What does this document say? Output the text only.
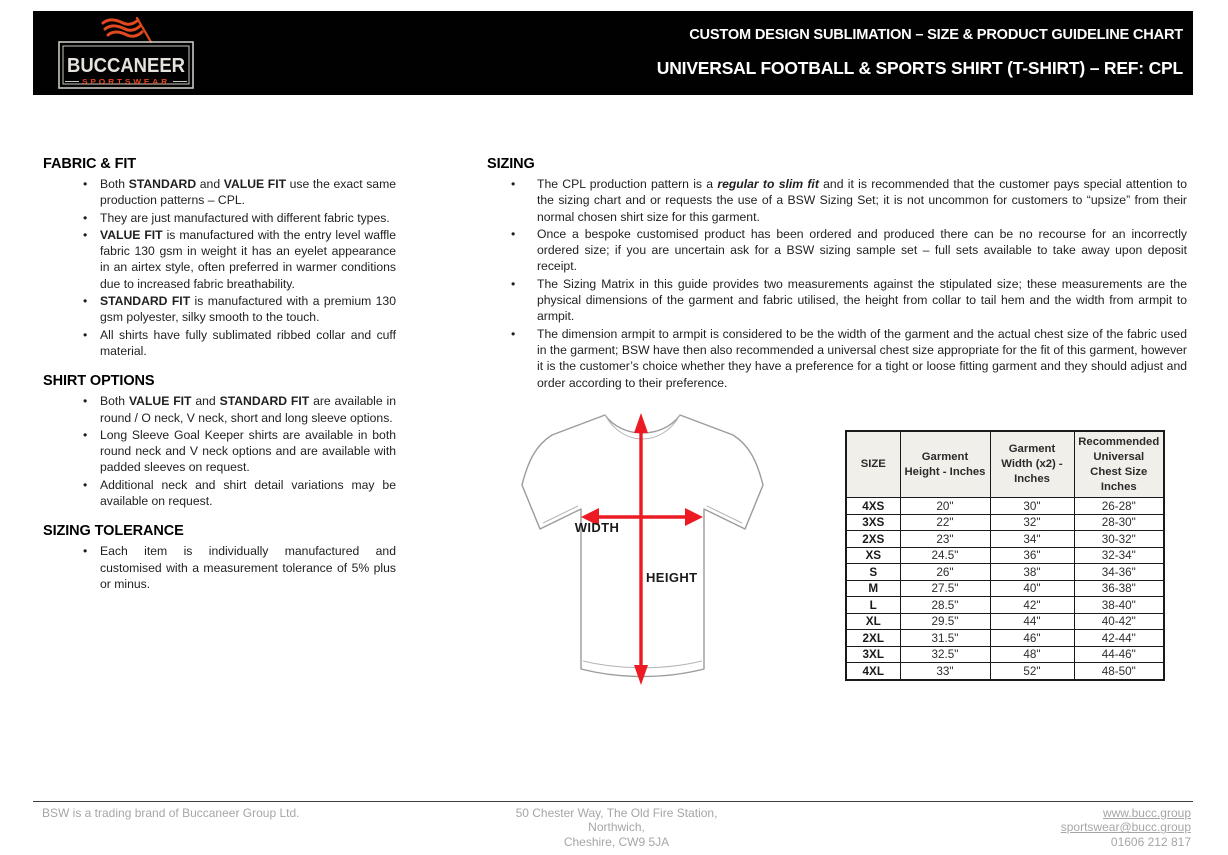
BUCCANEER
SPORTSWEAR
CUSTOM DESIGN SUBLIMATION – SIZE & PRODUCT GUIDELINE CHART
UNIVERSAL FOOTBALL & SPORTS SHIRT (T-SHIRT) – REF: CPL
FABRIC & FIT
•	Both STANDARD and VALUE FIT use the exact same production patterns – CPL.
•	They are just manufactured with different fabric types.
•	VALUE FIT is manufactured with the entry level waffle fabric 130 gsm in weight it has an eyelet appearance in an airtex style, often preferred in warmer conditions due to increased fabric breathability.
•	STANDARD FIT is manufactured with a premium 130 gsm polyester, silky smooth to the touch.
•	All shirts have fully sublimated ribbed collar and cuff material.
SHIRT OPTIONS
•	Both VALUE FIT and STANDARD FIT are available in round / O neck, V neck, short and long sleeve options.
•	Long Sleeve Goal Keeper shirts are available in both round neck and V neck options and are available with padded sleeves on request.
•	Additional neck and shirt detail variations may be available on request.
SIZING TOLERANCE
•	Each item is individually manufactured and customised with a measurement tolerance of 5% plus or minus.
SIZING
•	The CPL production pattern is a regular to slim fit and it is recommended that the customer pays special attention to the sizing chart and or requests the use of a BSW Sizing Set; it is not uncommon for customers to “upsize” from their normal chosen shirt size for this garment.
•	Once a bespoke customised product has been ordered and produced there can be no recourse for an incorrectly ordered size; if you are uncertain ask for a BSW sizing sample set – full sets available to take away upon deposit receipt.
•	The Sizing Matrix in this guide provides two measurements against the stipulated size; these measurements are the physical dimensions of the garment and fabric utilised, the height from collar to tail hem and the width from armpit to armpit.
•	The dimension armpit to armpit is considered to be the width of the garment and the actual chest size of the fabric used in the garment; BSW have then also recommended a universal chest size appropriate for the fit of this garment, however it is the customer’s choice whether they have a preference for a tight or loose fitting garment and they should adjust and order according to their preference.
WIDTH
HEIGHT
SIZE	Garment Height - Inches	Garment Width (x2) - Inches	Recommended Universal Chest Size Inches
4XS	20"	30"	26-28"
3XS	22"	32"	28-30"
2XS	23"	34"	30-32"
XS	24.5"	36"	32-34"
S	26"	38"	34-36"
M	27.5"	40"	36-38"
L	28.5"	42"	38-40"
XL	29.5"	44"	40-42"
2XL	31.5"	46"	42-44"
3XL	32.5"	48"	44-46"
4XL	33"	52"	48-50"
BSW is a trading brand of Buccaneer Group Ltd.	50 Chester Way, The Old Fire Station,
Northwich,
Cheshire, CW9 5JA
www.bucc.group
sportswear@bucc.group
01606 212 817
